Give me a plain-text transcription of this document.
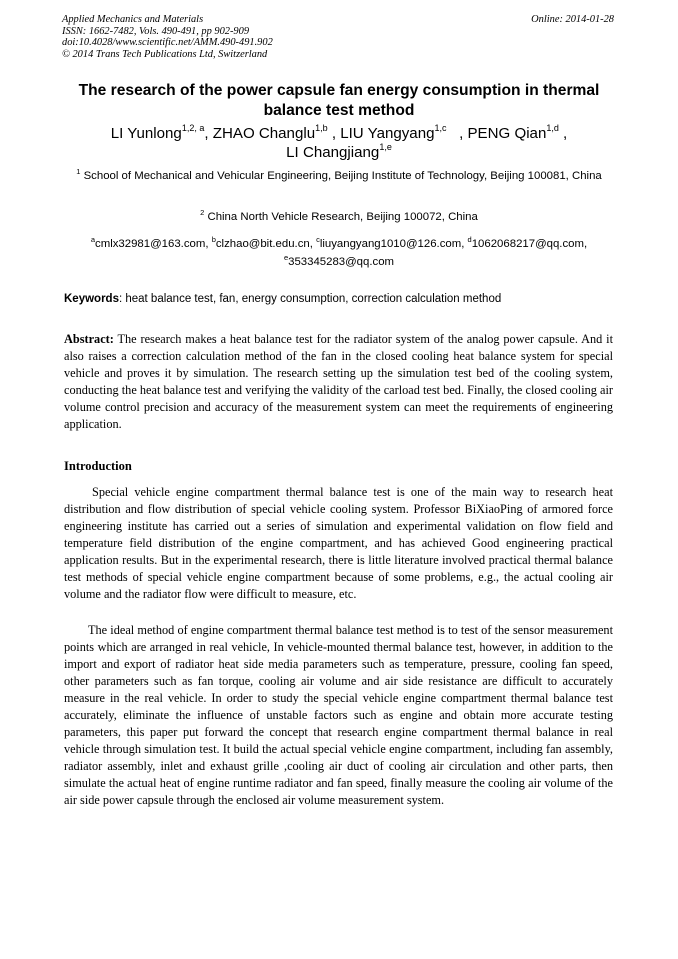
Applied Mechanics and Materials
ISSN: 1662-7482, Vols. 490-491, pp 902-909
doi:10.4028/www.scientific.net/AMM.490-491.902
© 2014 Trans Tech Publications Ltd, Switzerland
Online: 2014-01-28
The research of the power capsule fan energy consumption in thermal balance test method
LI Yunlong$^{1,2, a}$, ZHAO Changlu$^{1,b}$ , LIU Yangyang$^{1,c}$   , PENG Qian$^{1,d}$ ,
LI Changjiang$^{1,e}$
$^1$ School of Mechanical and Vehicular Engineering, Beijing Institute of Technology, Beijing 100081, China
$^2$ China North Vehicle Research, Beijing 100072, China
$^a$cmlx32981@163.com, $^b$clzhao@bit.edu.cn, $^c$liuyangyang1010@126.com, $^d$1062068217@qq.com,
$^e$353345283@qq.com
Keywords: heat balance test, fan, energy consumption, correction calculation method
Abstract: The research makes a heat balance test for the radiator system of the analog power capsule. And it also raises a correction calculation method of the fan in the closed cooling heat balance system for special vehicle and proves it by simulation. The research setting up the simulation test bed of the cooling system, conducting the heat balance test and verifying the validity of the carload test bed. Finally, the closed cooling air volume control precision and accuracy of the measurement system can meet the requirements of engineering application.
Introduction
Special vehicle engine compartment thermal balance test is one of the main way to research heat distribution and flow distribution of special vehicle cooling system. Professor BiXiaoPing of armored force engineering institute has carried out a series of simulation and experimental validation on flow field and temperature field distribution of the engine compartment, and has achieved Good engineering practical application results. But in the experimental research, there is little literature involved practical thermal balance test methods of special vehicle engine compartment because of some problems, e.g., the actual cooling air volume and the radiator flow were difficult to measure, etc.
The ideal method of engine compartment thermal balance test method is to test of the sensor measurement points which are arranged in real vehicle, In vehicle-mounted thermal balance test, however, in addition to the import and export of radiator heat side media parameters such as temperature, pressure, cooling fan speed, other parameters such as fan torque, cooling air volume and air side resistance are difficult to accurately measure in the real vehicle. In order to study the special vehicle engine compartment thermal balance test accurately, eliminate the influence of unstable factors such as engine and obtain more accurate testing parameters, this paper put forward the concept that research engine compartment thermal balance in real vehicle through simulation test. It build the actual special vehicle engine compartment, including fan assembly, radiator assembly, inlet and exhaust grille ,cooling air duct of cooling air circulation and other parts, then simulate the actual heat of engine runtime radiator and fan speed, finally measure the cooling air volume of the air side power capsule through the enclosed air volume measurement system.
